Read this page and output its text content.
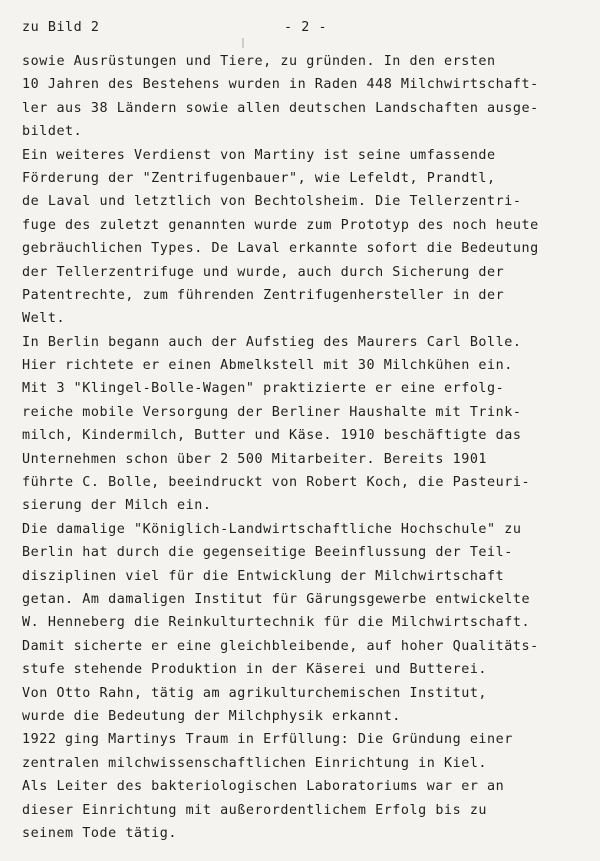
zu Bild 2	- 2 -
sowie Ausrüstungen und Tiere, zu gründen. In den ersten
10 Jahren des Bestehens wurden in Raden 448 Milchwirtschaft-
ler aus 38 Ländern sowie allen deutschen Landschaften ausge-
bildet.
Ein weiteres Verdienst von Martiny ist seine umfassende
Förderung der "Zentrifugenbauer", wie Lefeldt, Prandtl,
de Laval und letztlich von Bechtolsheim. Die Tellerzentri-
fuge des zuletzt genannten wurde zum Prototyp des noch heute
gebräuchlichen Types. De Laval erkannte sofort die Bedeutung
der Tellerzentrifuge und wurde, auch durch Sicherung der
Patentrechte, zum führenden Zentrifugenhersteller in der
Welt.
In Berlin begann auch der Aufstieg des Maurers Carl Bolle.
Hier richtete er einen Abmelkstell mit 30 Milchkühen ein.
Mit 3 "Klingel-Bolle-Wagen" praktizierte er eine erfolg-
reiche mobile Versorgung der Berliner Haushalte mit Trink-
milch, Kindermilch, Butter und Käse. 1910 beschäftigte das
Unternehmen schon über 2 500 Mitarbeiter. Bereits 1901
führte C. Bolle, beeindruckt von Robert Koch, die Pasteuri-
sierung der Milch ein.
Die damalige "Königlich-Landwirtschaftliche Hochschule" zu
Berlin hat durch die gegenseitige Beeinflussung der Teil-
disziplinen viel für die Entwicklung der Milchwirtschaft
getan. Am damaligen Institut für Gärungsgewerbe entwickelte
W. Henneberg die Reinkulturtechnik für die Milchwirtschaft.
Damit sicherte er eine gleichbleibende, auf hoher Qualitäts-
stufe stehende Produktion in der Käserei und Butterei.
Von Otto Rahn, tätig am agrikulturchemischen Institut,
wurde die Bedeutung der Milchphysik erkannt.
1922 ging Martinys Traum in Erfüllung: Die Gründung einer
zentralen milchwissenschaftlichen Einrichtung in Kiel.
Als Leiter des bakteriologischen Laboratoriums war er an
dieser Einrichtung mit außerordentlichem Erfolg bis zu
seinem Tode tätig.
